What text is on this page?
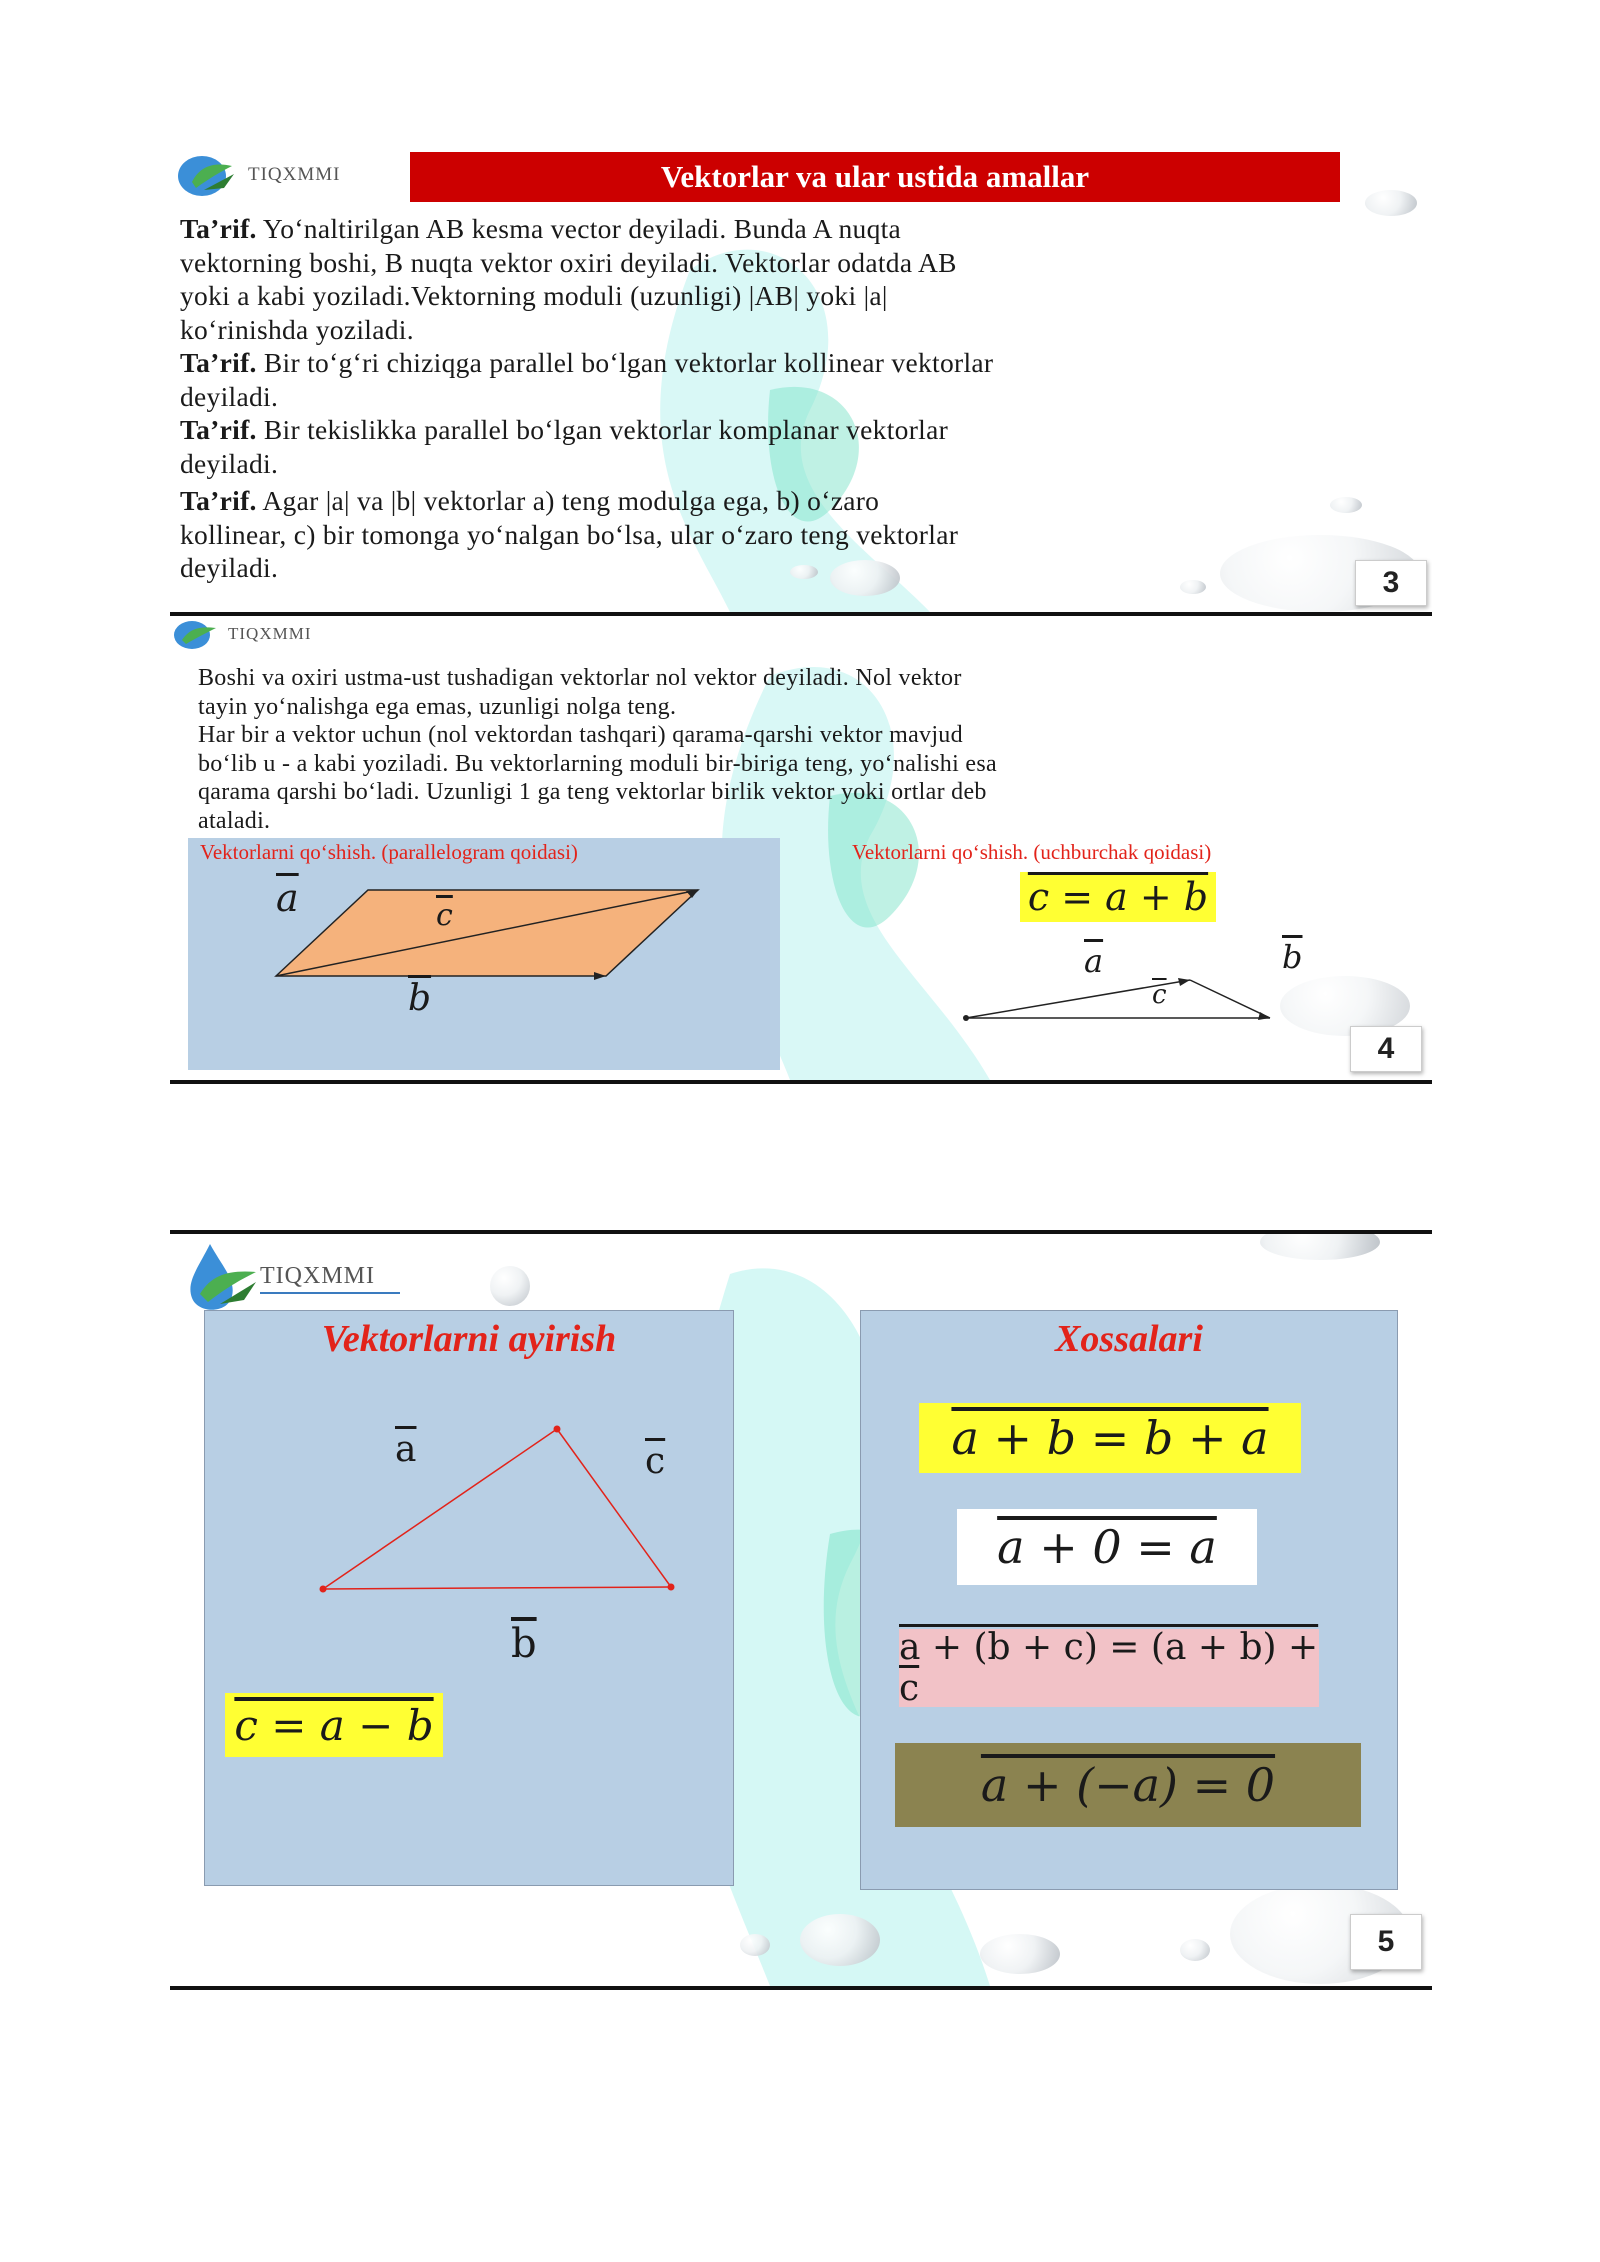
TIQXMMI	Vektorlar va ular ustida amallar

Ta’rif. Yo‘naltirilgan AB kesma vector deyiladi. Bunda A nuqta

vektorning boshi, B nuqta vektor oxiri deyiladi. Vektorlar odatda AB

yoki a kabi yoziladi.Vektorning moduli (uzunligi) |AB| yoki |a|

ko‘rinishda yoziladi.

Ta’rif. Bir to‘g‘ri chiziqga parallel bo‘lgan vektorlar kollinear vektorlar

deyiladi.

Ta’rif. Bir tekislikka parallel bo‘lgan vektorlar komplanar vektorlar

deyiladi.

Ta’rif. Agar |a| va |b| vektorlar a) teng modulga ega, b) o‘zaro

kollinear, c) bir tomonga yo‘nalgan bo‘lsa, ular o‘zaro teng vektorlar

deyiladi.	3
TIQXMMI

Boshi va oxiri ustma-ust tushadigan vektorlar nol vektor deyiladi. Nol vektor

tayin yo‘nalishga ega emas, uzunligi nolga teng.

Har bir a vektor uchun (nol vektordan tashqari) qarama-qarshi vektor mavjud

bo‘lib u - a kabi yoziladi. Bu vektorlarning moduli bir-biriga teng, yo‘nalishi esa

qarama qarshi bo‘ladi. Uzunligi 1 ga teng vektorlar birlik vektor yoki ortlar deb

ataladi.

Vektorlarni qo‘shish. (parallelogram qoidasi)
$\overline{a}$	$\overline{c}$
$\overline{b}$
Vektorlarni qo‘shish. (uchburchak qoidasi)
c = a + b
$\overline{a}$	$\overline{b}$
$\overline{c}$
4
TIQXMMI
Vektorlarni ayirish
$\overline{a}$	$\overline{c}$
$\overline{b}$
c = a − b
Xossalari
a + b = b + a
a + 0 = a
a + (b + c) = (a + b) + c
a + (−a) = 0
5
